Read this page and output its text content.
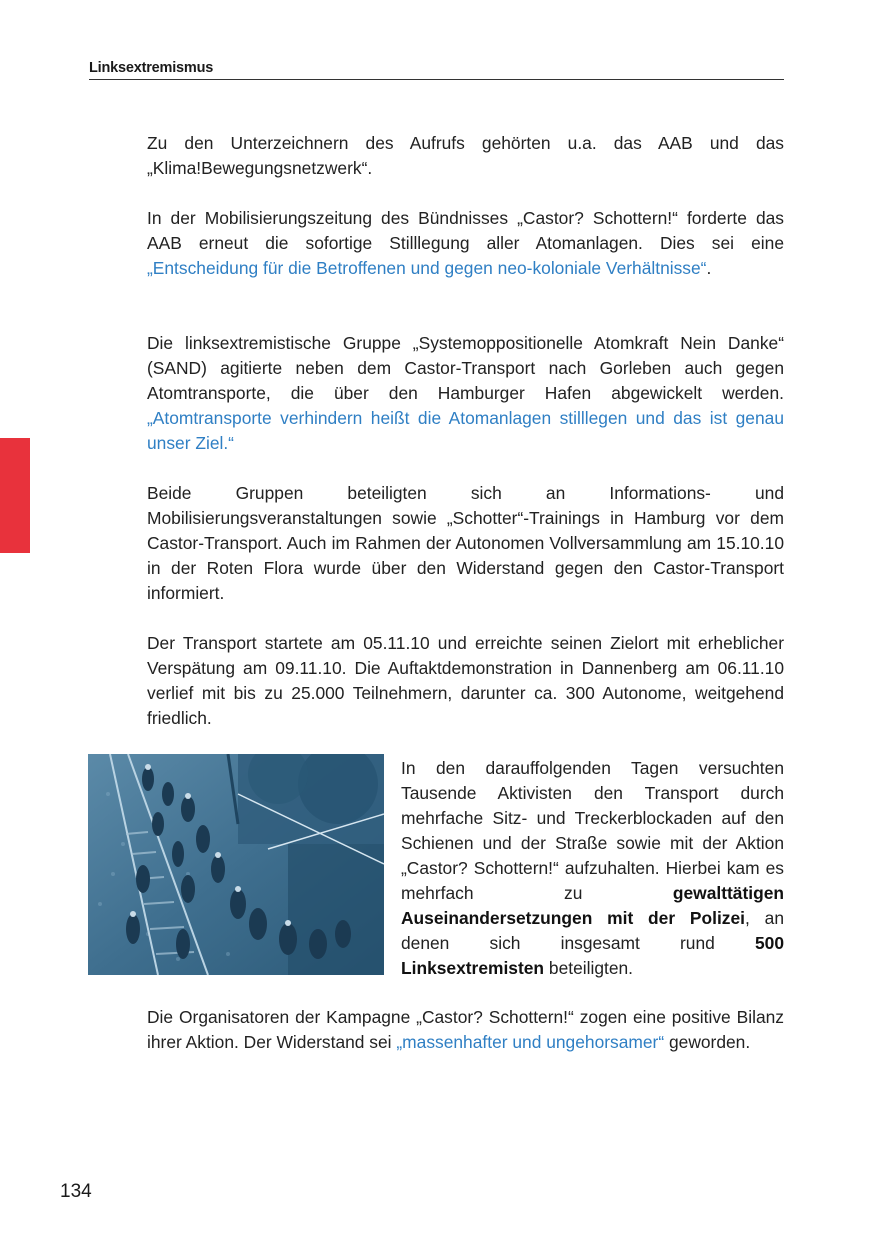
Linksextremismus

Zu den Unterzeichnern des Aufrufs gehörten u.a. das AAB und das „Klima!Bewegungsnetzwerk“.

In der Mobilisierungszeitung des Bündnisses „Castor? Schottern!“ forderte das AAB erneut die sofortige Stilllegung aller Atomanlagen. Dies sei eine „Entscheidung für die Betroffenen und gegen neo-koloniale Verhältnisse“.

Die linksextremistische Gruppe „Systemoppositionelle Atomkraft Nein Danke“ (SAND) agitierte neben dem Castor-Transport nach Gorleben auch gegen Atomtransporte, die über den Hamburger Hafen abgewickelt werden. „Atomtransporte verhindern heißt die Atomanlagen stilllegen und das ist genau unser Ziel.“

Beide Gruppen beteiligten sich an Informations- und Mobilisierungsveranstaltungen sowie „Schotter“-Trainings in Hamburg vor dem Castor-Transport. Auch im Rahmen der Autonomen Vollversammlung am 15.10.10 in der Roten Flora wurde über den Widerstand gegen den Castor-Transport informiert.

Der Transport startete am 05.11.10 und erreichte seinen Zielort mit erheblicher Verspätung am 09.11.10. Die Auftaktdemonstration in Dannenberg am 06.11.10 verlief mit bis zu 25.000 Teilnehmern, darunter ca. 300 Autonome, weitgehend friedlich.

In den darauffolgenden Tagen versuchten Tausende Aktivisten den Transport durch mehrfache Sitz- und Treckerblockaden auf den Schienen und der Straße sowie mit der Aktion „Castor? Schottern!“ aufzuhalten. Hierbei kam es mehrfach zu gewalttätigen Auseinandersetzungen mit der Polizei, an denen sich insgesamt rund 500 Linksextremisten beteiligten.

Die Organisatoren der Kampagne „Castor? Schottern!“ zogen eine positive Bilanz ihrer Aktion. Der Widerstand sei „massenhafter und ungehorsamer“ geworden.

134
